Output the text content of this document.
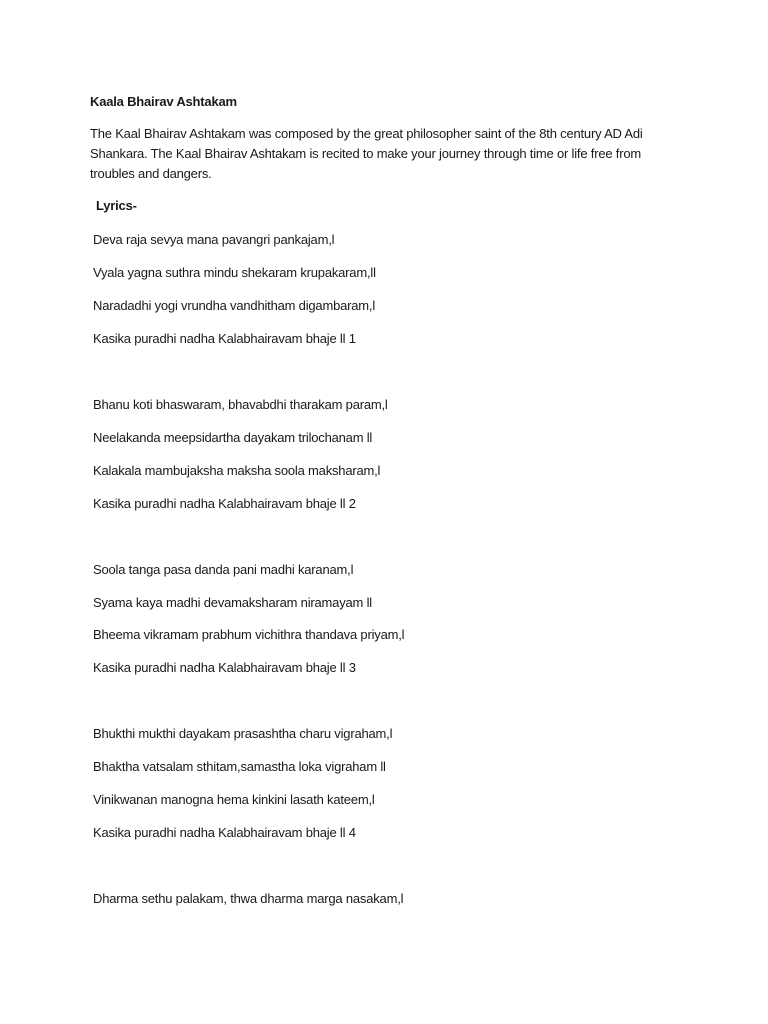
Kaala Bhairav Ashtakam
The Kaal Bhairav Ashtakam was composed by the great philosopher saint of the 8th century AD Adi Shankara. The Kaal Bhairav Ashtakam is recited to make your journey through time or life free from troubles and dangers.
Lyrics-
Deva raja sevya mana pavangri pankajam,l
Vyala yagna suthra mindu shekaram krupakaram,ll
Naradadhi yogi vrundha vandhitham digambaram,l
Kasika puradhi nadha Kalabhairavam bhaje ll 1
Bhanu koti bhaswaram, bhavabdhi tharakam param,l
Neelakanda meepsidartha dayakam trilochanam ll
Kalakala mambujaksha maksha soola maksharam,l
Kasika puradhi nadha Kalabhairavam bhaje ll 2
Soola tanga pasa danda pani madhi karanam,l
Syama kaya madhi devamaksharam niramayam ll
Bheema vikramam prabhum vichithra thandava priyam,l
Kasika puradhi nadha Kalabhairavam bhaje ll 3
Bhukthi mukthi dayakam prasashtha charu vigraham,l
Bhaktha vatsalam sthitam,samastha loka vigraham ll
Vinikwanan manogna hema kinkini lasath kateem,l
Kasika puradhi nadha Kalabhairavam bhaje ll 4
Dharma sethu palakam, thwa dharma marga nasakam,l
